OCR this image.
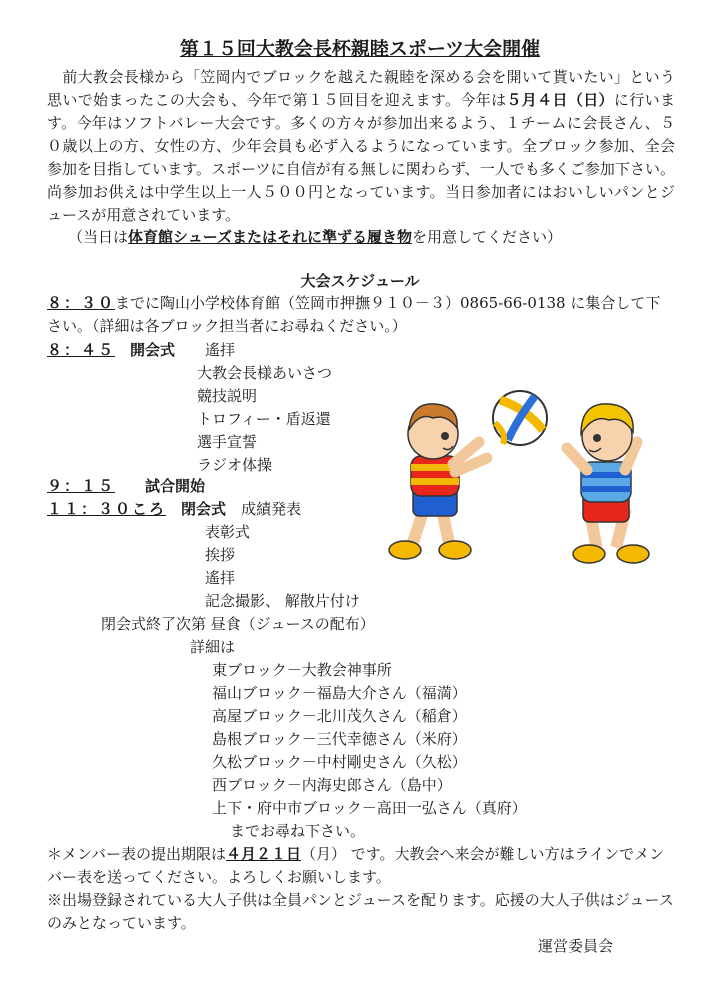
第１５回大教会長杯親睦スポーツ大会開催

　前大教会長様から「笠岡内でブロックを越えた親睦を深める会を開いて貰いたい」という思いで始まったこの大会も、今年で第１５回目を迎えます。今年は５月４日（日）に行います。今年はソフトバレー大会です。多くの方々が参加出来るよう、１チームに会長さん、５０歳以上の方、女性の方、少年会員も必ず入るようになっています。全ブロック参加、全会参加を目指しています。スポーツに自信が有る無しに関わらず、一人でも多くご参加下さい。尚参加お供えは中学生以上一人５００円となっています。当日参加者にはおいしいパンとジュースが用意されています。

（当日は体育館シューズまたはそれに準ずる履き物を用意してください）
大会スケジュール
８：３０までに陶山小学校体育館（笠岡市押撫９１０－３）0865-66-0138 に集合して下さい。（詳細は各ブロック担当者にお尋ねください。）
８：４５　 開会式 遙拝
大教会長様あいさつ
競技説明
トロフィー・盾返還
選手宣誓
ラジオ体操
９：１５　　 試合開始
１１：３０ころ　 閉会式　 成績発表
表彰式
挨拶
遙拝
記念撮影、 解散片付け
閉会式終了次第 昼食（ジュースの配布）
詳細は
東ブロック－大教会神事所
福山ブロック－福島大介さん（福満）
高屋ブロック－北川茂久さん（稲倉）
島根ブロック－三代幸徳さん（米府）
久松ブロック－中村剛史さん（久松）
西ブロック－内海史郎さん（島中）
上下・府中市ブロック－高田一弘さん（真府）
までお尋ね下さい。
＊メンバー表の提出期限は４月２１日（月） です。大教会へ来会が難しい方はラインでメンバー表を送ってください。よろしくお願いします。
※出場登録されている大人子供は全員パンとジュースを配ります。応援の大人子供はジュースのみとなっています。
運営委員会
